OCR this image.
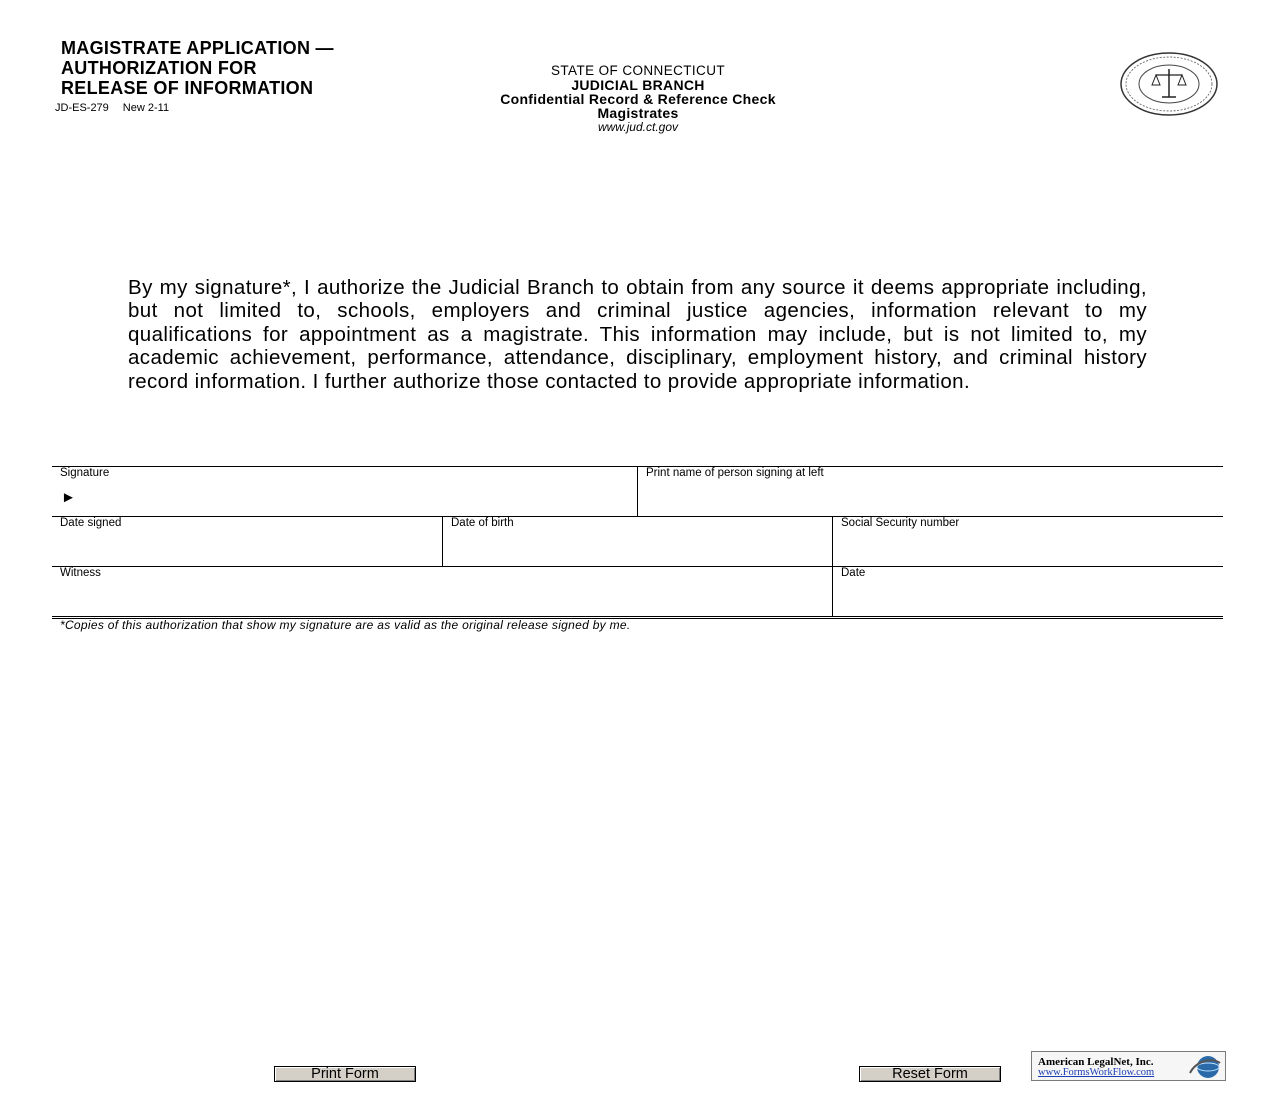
MAGISTRATE APPLICATION —
AUTHORIZATION FOR
RELEASE OF INFORMATION
JD-ES-279 New 2-11
STATE OF CONNECTICUT
JUDICIAL BRANCH
Confidential Record & Reference Check
Magistrates
www.jud.ct.gov
By my signature*, I authorize the Judicial Branch to obtain from any source it deems appropriate including, but not limited to, schools, employers and criminal justice agencies, information relevant to my qualifications for appointment as a magistrate. This information may include, but is not limited to, my academic achievement, performance, attendance, disciplinary, employment history, and criminal history record information. I further authorize those contacted to provide appropriate information.
Signature
►
Print name of person signing at left
Date signed	Date of birth	Social Security number
Witness	Date
*Copies of this authorization that show my signature are as valid as the original release signed by me.
Print Form	Reset Form
American LegalNet, Inc.
www.FormsWorkFlow.com
